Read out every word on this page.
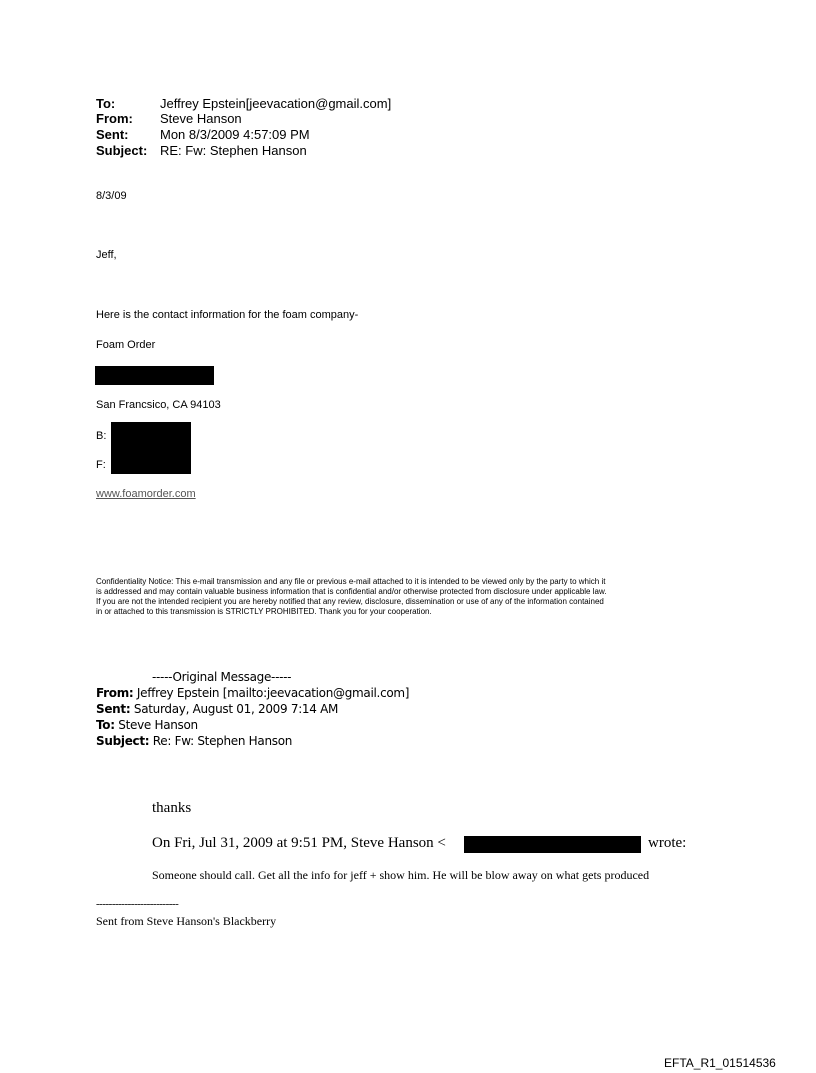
To:	Jeffrey Epstein[jeevacation@gmail.com]
From: Steve Hanson
Sent: Mon 8/3/2009 4:57:09 PM
Subject: RE: Fw: Stephen Hanson
8/3/09
Jeff,
Here is the contact information for the foam company-
Foam Order
San Francsico, CA 94103
B:
F:
www.foamorder.com
Confidentiality Notice: This e-mail transmission and any file or previous e-mail attached to it is intended to be viewed only by the party to which it
is addressed and may contain valuable business information that is confidential and/or otherwise protected from disclosure under applicable law.
If you are not the intended recipient you are hereby notified that any review, disclosure, dissemination or use of any of the information contained
in or attached to this transmission is STRICTLY PROHIBITED. Thank you for your cooperation.
-----Original Message-----
From: Jeffrey Epstein [mailto:jeevacation@gmail.com]
Sent: Saturday, August 01, 2009 7:14 AM
To: Steve Hanson
Subject: Re: Fw: Stephen Hanson
thanks
On Fri, Jul 31, 2009 at 9:51 PM, Steve Hanson <	wrote:
Someone should call. Get all the info for jeff + show him. He will be blow away on what gets produced
--------------------------
Sent from Steve Hanson's Blackberry
EFTA_R1_01514536
